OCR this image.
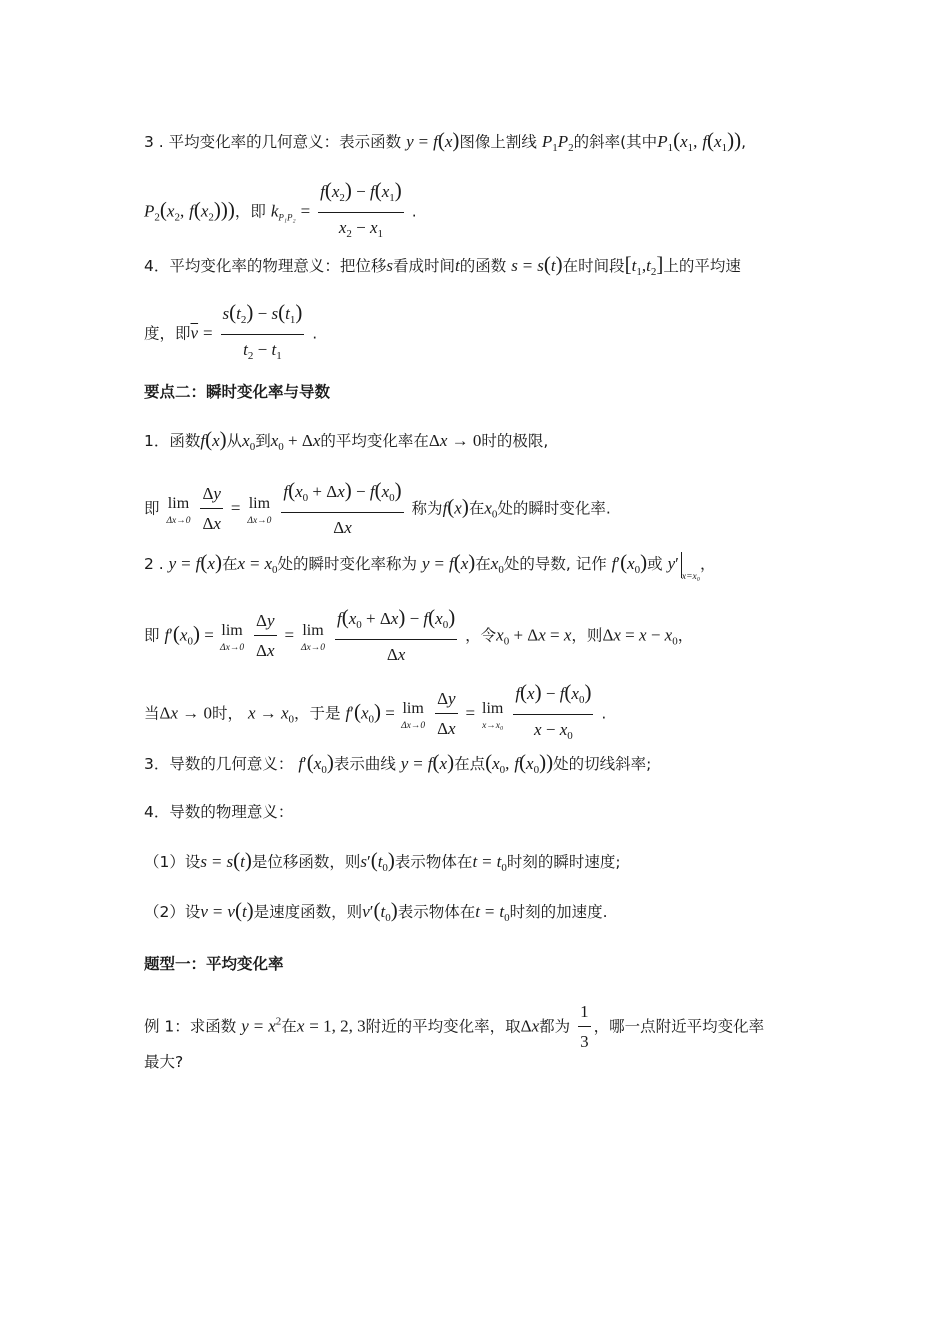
3 . 平均变化率的几何意义：表示函数 y = f(x)图像上割线 $P_1P_2$的斜率(其中$P_1(x_1$, $f(x_1)$),
$P_2(x_2$, $f(x_2)$))，即 $k_{P_1P_2} = \frac{f(x_2) - f(x_1)}{x_2 - x_1}$ .
4．平均变化率的物理意义：把位移s看成时间t的函数 s = s(t)在时间段$[t_1,t_2]$上的平均速
度，即$\overline{v} = \frac{s(t_2) - s(t_1)}{t_2 - t_1}$ .
要点二：瞬时变化率与导数
1．函数f(x)从$x_0$到$x_0 + \Delta x$的平均变化率在Δx → 0时的极限,
即 lim
Δx→0
$\frac{\Delta y}{\Delta x} = \lim$
Δx→0
$\frac{f(x_0 + \Delta x) - f(x_0)}{\Delta x}$ 称为f(x)在$x_0$处的瞬时变化率.
2 . y = f(x)在$x = x_0$处的瞬时变化率称为 y = f(x)在$x_0$处的导数, 记作 $f'(x_0)$或 $y'_{x=x_0}$，
即 $f'(x_0) = \lim$
Δx→0
$\frac{\Delta y}{\Delta x} = \lim$
Δx→0
$\frac{f(x_0 + \Delta x) - f(x_0)}{\Delta x}$ ，令$x_0 + \Delta x = x$，则$\Delta x = x - x_0$，
当Δx → 0时， $x \to x_0$，于是 $f'(x_0) = \lim$
Δx→0
$\frac{\Delta y}{\Delta x} = \lim$
x→x₀
$\frac{f(x) - f(x_0)}{x - x_0}$ .
3．导数的几何意义： $f'(x_0)$表示曲线 y = f(x)在点($x_0$, $f(x_0)$)处的切线斜率;
4．导数的物理意义：
（1）设s = s(t)是位移函数，则$s'(t_0)$表示物体在$t = t_0$时刻的瞬时速度;
（2）设v = v(t)是速度函数，则$v'(t_0)$表示物体在$t = t_0$时刻的加速度.
题型一：平均变化率
例 1：求函数 $y = x^2$在x = 1, 2, 3附近的平均变化率，取Δx都为 $\frac{1}{3}$ ，哪一点附近平均变化率
最大?
